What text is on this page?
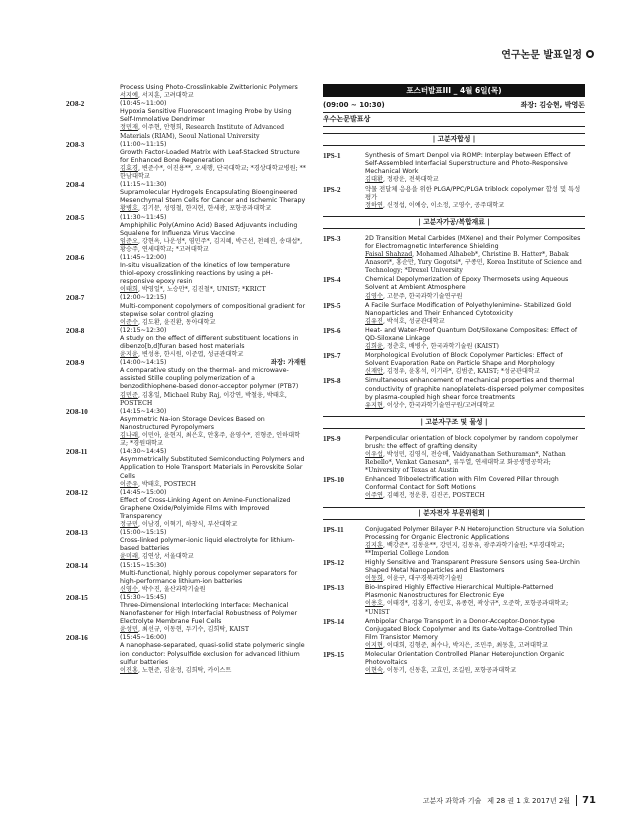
연구논문 발표일정
Process Using Photo-Crosslinkable Zwitterionic Polymers
서지예, 서지훈, 고려대학교
2O8-2	(10:45~11:00)
Hypoxia Sensitive Fluorescent Imaging Probe by Using Self-Immolative Dendrimer
정민재, 이주현, 안형희, Research Institute of Advanced Materials (RIAM), Seoul National University
2O8-3	(11:00~11:15)
Growth Factor-Loaded Matrix with Leaf-Stacked Structure for Enhanced Bone Regeneration
김효경, 변준수*, 이진용**, 오세행, 단국대학교; *경상대학교병원; **한남대학교
2O8-4	(11:15~11:30)
Supramolecular Hydrogels Encapsulating Bioengineered Mesenchymal Stem Cells for Cancer and Ischemic Therapy
황병호, 김기문, 성영철, 한지현, 한세광, 포항공과대학교
2O8-5	(11:30~11:45)
Amphiphilic Poly(Amino Acid) Based Adjuvants including Squalene for Influenza Virus Vaccine
임준오, 강현옥, 나운성*, 염민주*, 김지혜, 박근선, 천혜진, 송대섭*, 황승주, 연세대학교; *고려대학교
2O8-6	(11:45~12:00)
In-situ visualization of the kinetics of low temperature thiol-epoxy crosslinking reactions by using a pH-responsive epoxy resin
이태희, 박영일*, 노승만*, 김진철*, UNIST; *KRICT
2O8-7	(12:00~12:15)
Multi-component copolymers of compositional gradient for stepwise solar control glazing
이준수, 김도환, 윤진환, 동아대학교
2O8-8	(12:15~12:30)
A study on the effect of different substituent locations in dibenzo[b,d]furan based host materials
윤지윤, 변성용, 한시원, 이준엽, 성균관대학교
2O8-9	(14:00~14:15)	좌장: 가재원
A comparative study on the thermal- and microwave-assisted Stille coupling polymerization of a benzodithiophene-based donor-acceptor polymer (PTB7)
김민준, 김홍일, Michael Ruby Raj, 이강연, 박철웅, 박태호, POSTECH
2O8-10	(14:15~14:30)
Asymmetric Na-ion Storage Devices Based on Nanostructured Pyropolymers
김나래, 이민아, 윤현지, 최은호, 안홍주, 윤영수*, 진형준, 인하대학교; *경원대학교
2O8-11	(14:30~14:45)
Asymmetrically Substituted Semiconducting Polymers and Application to Hole Transport Materials in Perovskite Solar Cells
이준우, 박태호, POSTECH
2O8-12	(14:45~15:00)
Effect of Cross-Linking Agent on Amine-Functionalized Graphene Oxide/Polyimide Films with Improved Transparency
정규민, 이남경, 이혁기, 하창식, 부산대학교
2O8-13	(15:00~15:15)
Cross-linked polymer-ionic liquid electrolyte for lithium-based batteries
윤미래, 김연상, 서울대학교
2O8-14	(15:15~15:30)
Multi-functional, highly porous copolymer separators for high-performance lithium-ion batteries
신영수, 박수진, 울산과학기술원
2O8-15	(15:30~15:45)
Three-Dimensional Interlocking Interface: Mechanical Nanofastener for High Interfacial Robustness of Polymer Electrolyte Membrane Fuel Cells
윤성민, 최선규, 이동현, 두기수, 김희탁, KAIST
2O8-16	(15:45~16:00)
A nanophase-separated, quasi-solid state polymeric single ion conductor: Polysulfide exclusion for advanced lithium sulfur batteries
이진홍, 노현준, 김윤정, 김희탁, 카이스트
포스터발표III _ 4월 6일(목)
(09:00 ~ 10:30)	좌장: 김승현, 박영돈
우수논문발표상
| 고분자합성 |
1PS-1	Synthesis of Smart Denpol via ROMP: Interplay between Effect of Self-Assembled Interfacial Superstructure and Photo-Responsive Mechanical Work
김대환, 정광운, 전북대학교
1PS-2	약물 전달체 응용을 위한 PLGA/PPC/PLGA triblock copolymer 합성 및 특성 평가
정하연, 신정섭, 이예승, 이소정, 고영수, 공주대학교
| 고분자가공/복합재료 |
1PS-3	2D Transition Metal Carbides (MXene) and their Polymer Composites for Electromagnetic Interference Shielding
Faisal Shahzad, Mohamed Alhabeb*, Christine B. Hatter*, Babak Anasori*, 홍순만, Yury Gogotsi*, 구종민, Korea Institute of Science and Technology; *Drexel University
1PS-4	Chemical Depolymerization of Epoxy Thermosets using Aqueous Solvent at Ambient Atmosphere
김영수, 고문주, 한국과학기술연구원
1PS-5	A Facile Surface Modification of Polyethylenimine- Stabilized Gold Nanoparticles and Their Enhanced Cytotoxicity
김유진, 박석호, 성균관대학교
1PS-6	Heat- and Water-Proof Quantum Dot/Siloxane Composites: Effect of QD-Siloxane Linkage
김희윤, 정춘호, 배병수, 한국과학기술원 (KAIST)
1PS-7	Morphological Evolution of Block Copolymer Particles: Effect of Solvent Evaporation Rate on Particle Shape and Morphology
신재안, 김정우, 윤홍석, 이기라*, 김범준, KAIST; *성균관대학교
1PS-8	Simultaneous enhancement of mechanical properties and thermal conductivity of graphite nanoplatelets-dispersed polymer composites by plasma-coupled high shear force treatments
유지현, 이상수, 한국과학기술연구원/고려대학교
| 고분자구조 및 물성 |
1PS-9	Perpendicular orientation of block copolymer by random copolymer brush: the effect of grafting density
이우섭, 박성민, 김영식, 전승배, Vaidyanathan Sethuraman*, Nathan Rebello*, Venkat Ganesan*, 류두열, 연세대학교 화공생명공학과; *University of Texas at Austin
1PS-10	Enhanced Triboelectrification with Film Covered Pillar through Conformal Contact for Soft Motions
이주연, 김혜진, 정운룡, 김진곤, POSTECH
| 분자전자 부문위원회 |
1PS-11	Conjugated Polymer Bilayer P-N Heterojunction Structure via Solution Processing for Organic Electronic Applications
김지훈, 백강준*, 김동윤**, 강민지, 김동유, 광주과학기술원; *부경대학교; **Imperial College London
1PS-12	Highly Sensitive and Transparent Pressure Sensors using Sea-Urchin Shaped Metal Nanoparticles and Elastomers
이동희, 이윤구, 대구경북과학기술원
1PS-13	Bio-Inspired Highly Effective Hierarchical Multiple-Patterned Plasmonic Nanostructures for Electronic Eye
이용호, 이태경*, 김홍기, 송민호, 유종현, 곽상규*, 오준학, 포항공과대학교; *UNIST
1PS-14	Ambipolar Charge Transport in a Donor-Acceptor-Donor-type Conjugated Block Copolymer and Its Gate-Voltage-Controlled Thin Film Transistor Memory
이지현, 이대희, 김형준, 최수나, 박지은, 조민주, 최동훈, 고려대학교
1PS-15	Molecular Orientation Controlled Planar Heterojunction Organic Photovoltaics
이현숙, 이동기, 신동훈, 고효민, 조길원, 포항공과대학교
고분자 과학과 기술 제 28 권 1 호 2017년 2월	71
